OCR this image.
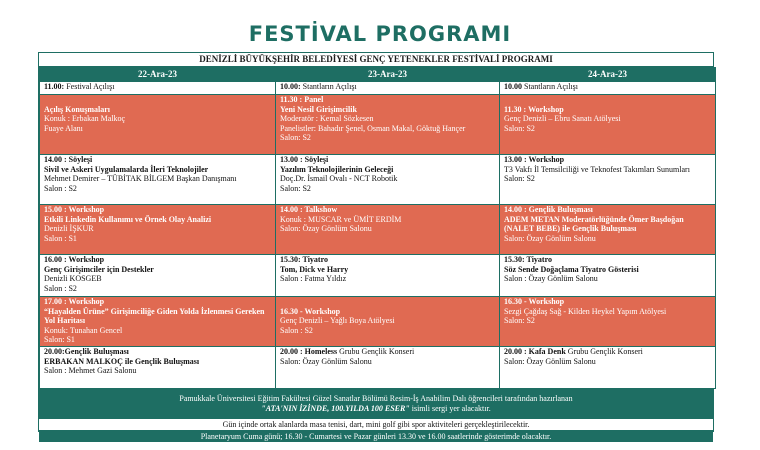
FESTİVAL PROGRAMI
DENİZLİ BÜYÜKŞEHİR BELEDİYESİ GENÇ YETENEKLER FESTİVALİ PROGRAMI
22-Ara-23	23-Ara-23	24-Ara-23

11.00: Festival Açılışı	10.00: Stantların Açılışı	10.00 Stantların Açılışı

Açılış Konuşmaları
Konuk : Erbakan Malkoç
Fuaye Alanı	11.30 : Panel
Yeni Nesil Girişimcilik
Moderatör : Kemal Sözkesen
Panelistler: Bahadır Şenel, Osman Makal, Göktuğ Hançer
Salon: S2	11.30 : Workshop
Genç Denizli – Ebru Sanatı Atölyesi
Salon: S2

14.00 : Söyleşi
Sivil ve Askeri Uygulamalarda İleri Teknolojiler
Mehmet Demirer – TÜBİTAK BİLGEM Başkan Danışmanı
Salon : S2	13.00 : Söyleşi
Yazılım Teknolojilerinin Geleceği
Doç.Dr. İsmail Ovalı - NCT Robotik
Salon: S2	13.00 : Workshop
T3 Vakfı İl Temsilciliği ve Teknofest Takımları Sunumları
Salon: S2

15.00 : Workshop
Etkili Linkedin Kullanımı ve Örnek Olay Analizi
Denizli İŞKUR
Salon : S1	14.00 : Talkshow
Konuk : MUSCAR ve ÜMİT ERDİM
Salon: Özay Gönlüm Salonu	14.00 : Gençlik Buluşması
ADEM METAN Moderatörlüğünde Ömer Başdoğan (NALET BEBE) ile Gençlik Buluşması
Salon: Özay Gönlüm Salonu

16.00 : Workshop
Genç Girişimciler için Destekler
Denizli KOSGEB
Salon : S2	15.30: Tiyatro
Tom, Dick ve Harry
Salon : Fatma Yıldız	15.30: Tiyatro
Söz Sende Doğaçlama Tiyatro Gösterisi
Salon : Özay Gönlüm Salonu

17.00 : Workshop
“Hayalden Ürüne” Girişimciliğe Giden Yolda İzlenmesi Gereken Yol Haritası
Konuk: Tunahan Gencel
Salon: S1	16.30 - Workshop
Genç Denizli – Yağlı Boya Atölyesi
Salon : S2	16.30 - Workshop
Sezgi Çağdaş Sağ - Kilden Heykel Yapım Atölyesi
Salon: S2

20.00:Gençlik Buluşması
ERBAKAN MALKOÇ ile Gençlik Buluşması
Salon : Mehmet Gazi Salonu	20.00 : Homeless Grubu Gençlik Konseri
Salon: Özay Gönlüm Salonu	20.00 : Kafa Denk Grubu Gençlik Konseri
Salon: Özay Gönlüm Salonu
Pamukkale Üniversitesi Eğitim Fakültesi Güzel Sanatlar Bölümü Resim-İş Anabilim Dalı öğrencileri tarafından hazırlanan
"ATA'NIN İZİNDE, 100.YILDA 100 ESER" isimli sergi yer alacaktır.
Gün içinde ortak alanlarda masa tenisi, dart, mini golf gibi spor aktiviteleri gerçekleştirilecektir.
Planetaryum Cuma günü; 16.30 - Cumartesi ve Pazar günleri 13.30 ve 16.00 saatlerinde gösterimde olacaktır.
